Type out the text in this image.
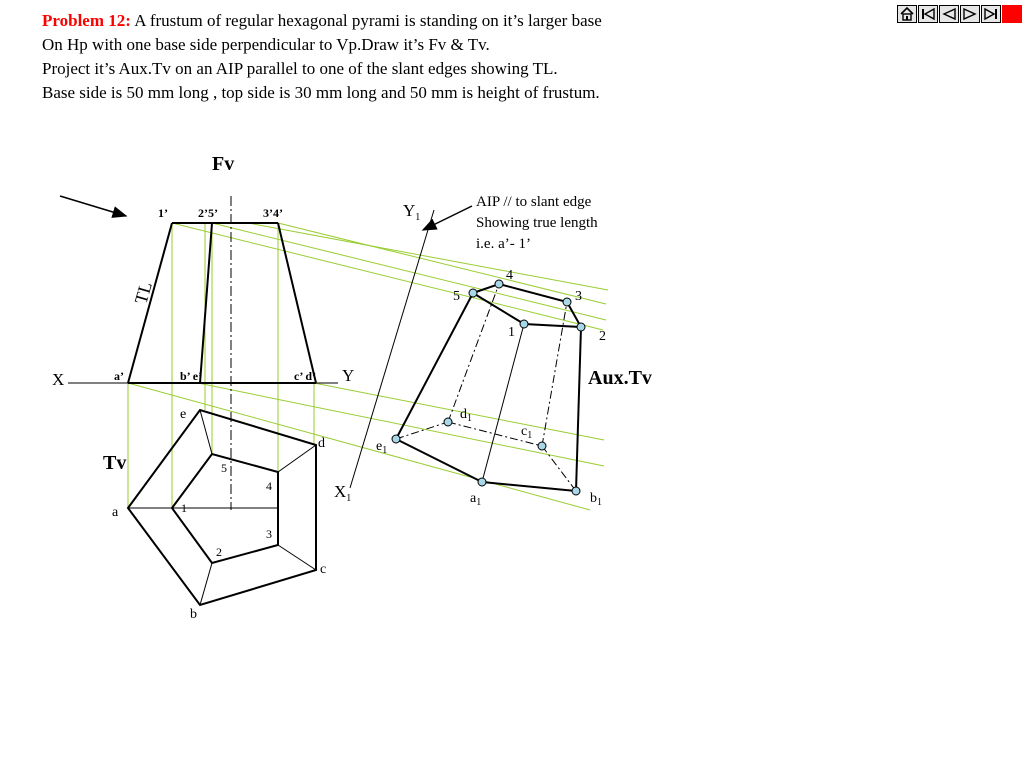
Problem 12: A frustum of regular hexagonal pyrami is standing on it’s larger base
On Hp with one base side perpendicular to Vp.Draw it’s Fv & Tv.
Project it’s Aux.Tv on an AIP parallel to one of the slant edges showing TL.
Base side is 50 mm long , top side is 30 mm long and 50 mm is height of frustum.
X	Y
$X_1$
$Y_1$
Fv
1’	2’5’	3’4’
a’	b’ e’	c’ d’
TL
Tv
a
b
c
d
e
1
2
3
4
5
AIP // to slant edge
Showing true length
i.e. a’- 1’
Aux.Tv
1	2
3
4
5
$a_1$	$b_1$
$c_1$
$d_1$
$e_1$
